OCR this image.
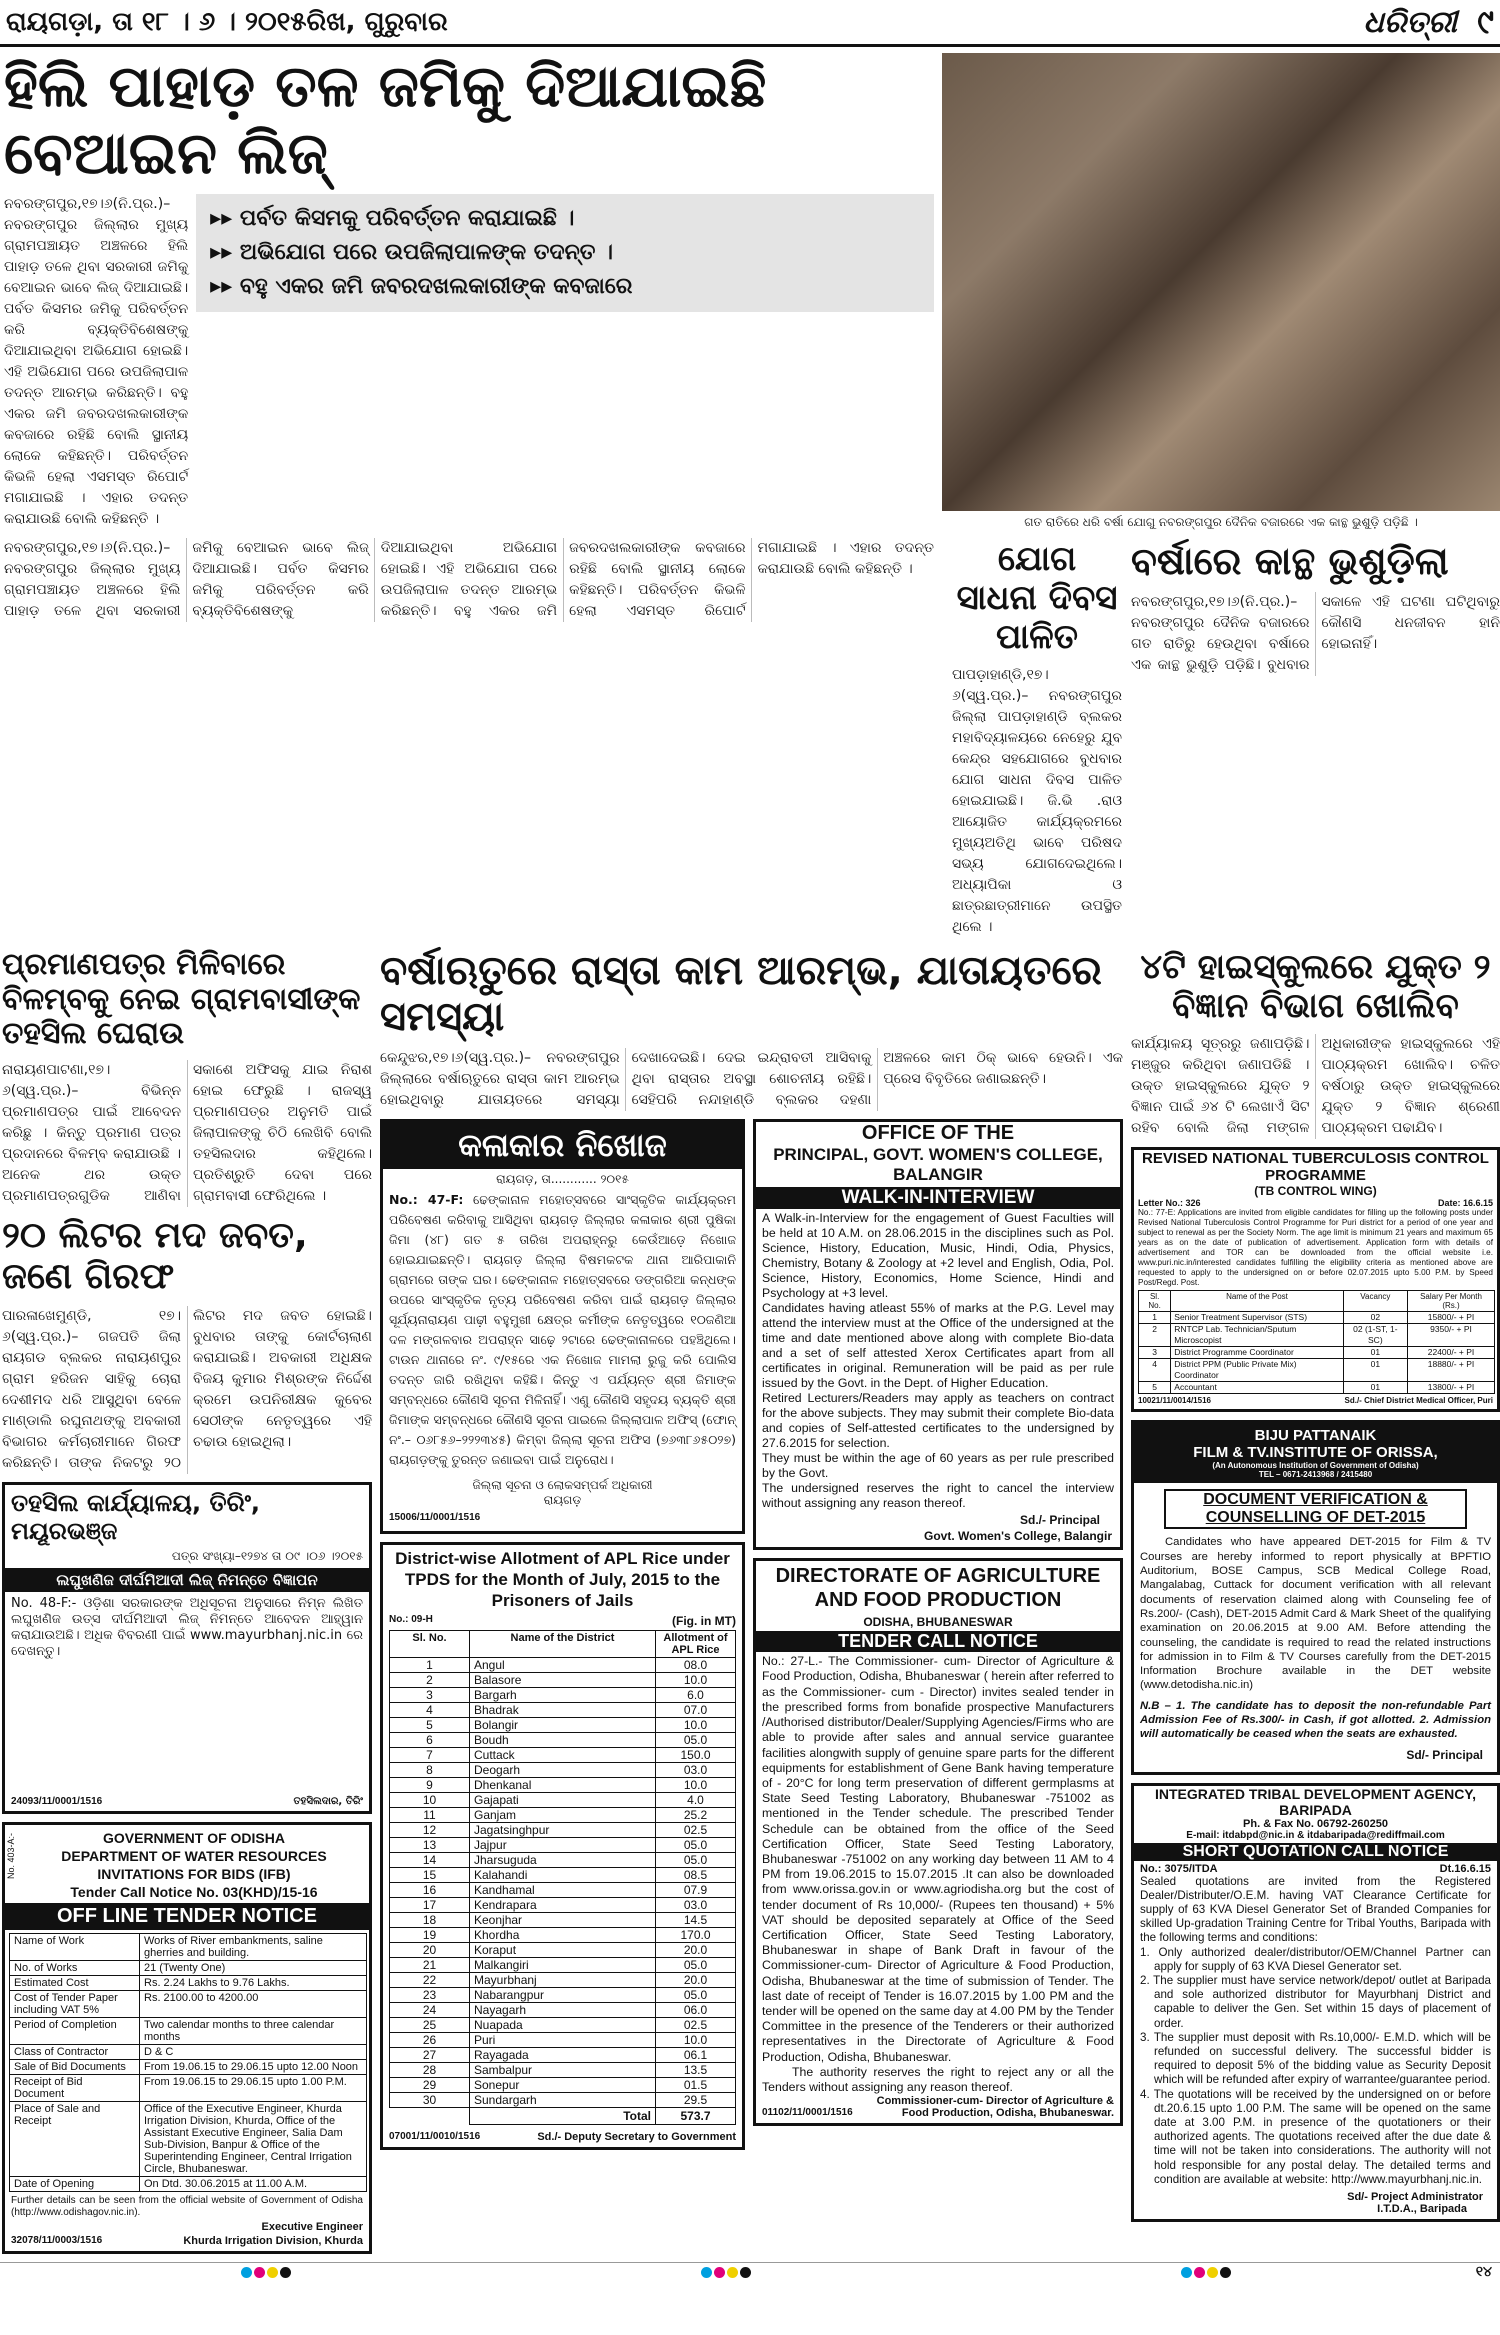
ରାୟଗଡ଼ା, ତା ୧୮ । ୬ । ୨୦୧୫ରିଖ, ଗୁରୁବାର	ଧରିତ୍ରୀ ୯
ହିଲି ପାହାଡ଼ ତଳ ଜମିକୁ ଦିଆଯାଇଛି ବେଆଇନ ଲିଜ୍
ନବରଙ୍ଗପୁର,୧୭।୬(ନି.ପ୍ର.)– ନବରଙ୍ଗପୁର ଜିଲ୍ଲାର ମୁଖ୍ୟ ଗ୍ରାମପଞ୍ଚାୟତ ଅଞ୍ଚଳରେ ହିଲି ପାହାଡ଼ ତଳେ ଥିବା ସରକାରୀ ଜମିକୁ ବେଆଇନ ଭାବେ ଲିଜ୍ ଦିଆଯାଇଛି। ପର୍ବତ କିସମର ଜମିକୁ ପରିବର୍ତ୍ତନ କରି ବ୍ୟକ୍ତିବିଶେଷଙ୍କୁ ଦିଆଯାଇଥିବା ଅଭିଯୋଗ ହୋଇଛି। ଏହି ଅଭିଯୋଗ ପରେ ଉପଜିଲାପାଳ ତଦନ୍ତ ଆରମ୍ଭ କରିଛନ୍ତି। ବହୁ ଏକର ଜମି ଜବରଦଖଲକାରୀଙ୍କ କବଜାରେ ରହିଛି ବୋଲି ସ୍ଥାନୀୟ ଲୋକେ କହିଛନ୍ତି। ପରିବର୍ତ୍ତନ କିଭଳି ହେଲା ଏସମସ୍ତ ରିପୋର୍ଟ ମଗାଯାଇଛି । ଏହାର ତଦନ୍ତ କରାଯାଉଛି ବୋଲି କହିଛନ୍ତି ।
▸▸ ପର୍ବତ କିସମକୁ ପରିବର୍ତ୍ତନ କରାଯାଇଛି ।
▸▸ ଅଭିଯୋଗ ପରେ ଉପଜିଲାପାଳଙ୍କ ତଦନ୍ତ ।
▸▸ ବହୁ ଏକର ଜମି ଜବରଦଖଲକାରୀଙ୍କ କବଜାରେ
ନବରଙ୍ଗପୁର,୧୭।୬(ନି.ପ୍ର.)– ନବରଙ୍ଗପୁର ଜିଲ୍ଲାର ମୁଖ୍ୟ ଗ୍ରାମପଞ୍ଚାୟତ ଅଞ୍ଚଳରେ ହିଲି ପାହାଡ଼ ତଳେ ଥିବା ସରକାରୀ ଜମିକୁ ବେଆଇନ ଭାବେ ଲିଜ୍ ଦିଆଯାଇଛି। ପର୍ବତ କିସମର ଜମିକୁ ପରିବର୍ତ୍ତନ କରି ବ୍ୟକ୍ତିବିଶେଷଙ୍କୁ ଦିଆଯାଇଥିବା ଅଭିଯୋଗ ହୋଇଛି। ଏହି ଅଭିଯୋଗ ପରେ ଉପଜିଲାପାଳ ତଦନ୍ତ ଆରମ୍ଭ କରିଛନ୍ତି। ବହୁ ଏକର ଜମି ଜବରଦଖଲକାରୀଙ୍କ କବଜାରେ ରହିଛି ବୋଲି ସ୍ଥାନୀୟ ଲୋକେ କହିଛନ୍ତି। ପରିବର୍ତ୍ତନ କିଭଳି ହେଲା ଏସମସ୍ତ ରିପୋର୍ଟ ମଗାଯାଇଛି । ଏହାର ତଦନ୍ତ କରାଯାଉଛି ବୋଲି କହିଛନ୍ତି ।
ଗତ ରାତିରେ ଧରି ବର୍ଷା ଯୋଗୁ ନବରଙ୍ଗପୁର ଦୈନିକ ବଜାରରେ ଏକ କାନ୍ଥ ଭୁଶୁଡ଼ି ପଡ଼ିଛି ।
ଯୋଗ ସାଧନା ଦିବସ ପାଳିତ
ପାପଡ଼ାହାଣ୍ଡି,୧୭।୬(ସ୍ୱ.ପ୍ର.)– ନବରଙ୍ଗପୁର ଜିଲ୍ଲା ପାପଡ଼ାହାଣ୍ଡି ବ୍ଲକର ମହାବିଦ୍ୟାଳୟରେ ନେହେରୁ ଯୁବ କେନ୍ଦ୍ର ସହଯୋଗରେ ବୁଧବାର ଯୋଗ ସାଧନା ଦିବସ ପାଳିତ ହୋଇଯାଇଛି। ଜି.ଭି .ରାଓ ଆୟୋଜିତ କାର୍ଯ୍ୟକ୍ରମରେ ମୁଖ୍ୟଅତିଥି ଭାବେ ପରିଷଦ ସଭ୍ୟ ଯୋଗଦେଇଥିଲେ। ଅଧ୍ୟାପିକା ଓ ଛାତ୍ରଛାତ୍ରୀମାନେ ଉପସ୍ଥିତ ଥିଲେ ।
ବର୍ଷାରେ କାନ୍ଥ ଭୁଶୁଡ଼ିଲା
ନବରଙ୍ଗପୁର,୧୭।୬(ନି.ପ୍ର.)– ନବରଙ୍ଗପୁର ଦୈନିକ ବଜାରରେ ଗତ ରାତିରୁ ହେଉଥିବା ବର୍ଷାରେ ଏକ କାନ୍ଥ ଭୁଶୁଡ଼ି ପଡ଼ିଛି। ବୁଧବାର ସକାଳେ ଏହି ଘଟଣା ଘଟିଥିବାରୁ କୌଣସି ଧନଜୀବନ ହାନି ହୋଇନାହିଁ।
ପ୍ରମାଣପତ୍ର ମିଳିବାରେ ବିଳମ୍ବକୁ ନେଇ ଗ୍ରାମବାସୀଙ୍କ ତହସିଲ ଘେରାଉ
ନାରାୟଣପାଟଣା,୧୭।୬(ସ୍ୱ.ପ୍ର.)– ବିଭିନ୍ନ ପ୍ରମାଣପତ୍ର ପାଇଁ ଆବେଦନ କରିଛୁ । କିନ୍ତୁ ପ୍ରମାଣ ପତ୍ର ପ୍ରଦାନରେ ବିଳମ୍ବ କରାଯାଉଛି । ଅନେକ ଥର ଉକ୍ତ ପ୍ରମାଣପତ୍ରଗୁଡିକ ଆଣିବା ସକାଶେ ଅଫିସକୁ ଯାଇ ନିରାଶ ହୋଇ ଫେରୁଛି । ରାଜସ୍ୱ ପ୍ରମାଣପତ୍ର ଅନୁମତି ପାଇଁ ଜିଲାପାଳଙ୍କୁ ଚିଠି ଲେଖିବି ବୋଲି ତହସିଲଦାର କହିଥିଲେ। ପ୍ରତିଶ୍ରୁତି ଦେବା ପରେ ଗ୍ରାମବାସୀ ଫେରିଥିଲେ ।
୨୦ ଲିଟର ମଦ ଜବତ, ଜଣେ ଗିରଫ
ପାରଳାଖେମୁଣ୍ଡି, ୧୭।୬(ସ୍ୱ.ପ୍ର.)– ଗଜପତି ଜିଲା ରାୟଗଡ ବ୍ଲକର ନାରାୟଣପୁର ଗ୍ରାମ ହରିଜନ ସାହିକୁ ଚୋରା ଦେଶୀମଦ ଧରି ଆସୁଥିବା ବେଳେ ମାଣ୍ଡାଲି ରଘୁନାଥଙ୍କୁ ଅବକାରୀ ବିଭାଗର କର୍ମଚାରୀମାନେ ଗିରଫ କରିଛନ୍ତି। ତାଙ୍କ ନିକଟରୁ ୨୦ ଲିଟର ମଦ ଜବତ ହୋଇଛି। ବୁଧବାର ତାଙ୍କୁ କୋର୍ଟଚାଲାଣ କରାଯାଇଛି। ଅବକାରୀ ଅଧିକ୍ଷକ ବିଜୟ କୁମାର ମିଶ୍ରଙ୍କ ନିର୍ଦ୍ଦେଶ କ୍ରମେ ଉପନିରୀକ୍ଷକ କୁବେର ସେଠୀଙ୍କ ନେତୃତ୍ୱରେ ଏହି ଚଢାଉ ହୋଇଥିଲା।
ତହସିଲ କାର୍ଯ୍ୟାଳୟ, ତିରିଂ, ମୟୂରଭଞ୍ଜ
ପତ୍ର ସଂଖ୍ୟା–୧୨୭୪ ତା ୦୯ ।୦୬ ।୨୦୧୫
ଲଘୁଖଣିଜ ଦୀର୍ଘମିଆଦୀ ଲିଜ୍ ନିମନ୍ତେ ବିଜ୍ଞାପନ

No. 48-F:- ଓଡ଼ିଶା ସରକାରଙ୍କ ଅଧିସୂଚନା ଅନୁସାରେ ନିମ୍ନ ଲିଖିତ ଲଘୁଖଣିଜ ଉତ୍ସ ଦୀର୍ଘମିଆଦୀ ଲିଜ୍ ନିମନ୍ତେ ଆବେଦନ ଆହ୍ୱାନ କରାଯାଉଅଛି। ଅଧିକ ବିବରଣୀ ପାଇଁ www.mayurbhanj.nic.in ରେ ଦେଖନ୍ତୁ।

24093/11/0001/1516	ତହସିଲଦାର, ତିରିଂ
No. 403-A:-	GOVERNMENT OF ODISHA
DEPARTMENT OF WATER RESOURCES
INVITATIONS FOR BIDS (IFB)
Tender Call Notice No. 03(KHD)/15-16
OFF LINE TENDER NOTICE
Name of Work	Works of River embankments, saline gherries and building.
No. of Works	21 (Twenty One)
Estimated Cost	Rs. 2.24 Lakhs to 9.76 Lakhs.
Cost of Tender Paper including VAT 5%	Rs. 2100.00 to 4200.00
Period of Completion	Two calendar months to three calendar months
Class of Contractor	D & C
Sale of Bid Documents	From 19.06.15 to 29.06.15 upto 12.00 Noon
Receipt of Bid Document	From 19.06.15 to 29.06.15 upto 1.00 P.M.
Place of Sale and Receipt	Office of the Executive Engineer, Khurda Irrigation Division, Khurda, Office of the Assistant Executive Engineer, Salia Dam Sub-Division, Banpur & Office of the Superintending Engineer, Central Irrigation Circle, Bhubaneswar.
Date of Opening	On Dtd. 30.06.2015 at 11.00 A.M.

Further details can be seen from the official website of Government of Odisha (http://www.odishagov.nic.in).

Executive Engineer
32078/11/0003/1516	Khurda Irrigation Division, Khurda
ବର୍ଷାଋତୁରେ ରାସ୍ତା କାମ ଆରମ୍ଭ, ଯାତାୟତରେ ସମସ୍ୟା
କେନ୍ଦୁଝର,୧୭।୬(ସ୍ୱ.ପ୍ର.)– ନବରଙ୍ଗପୁର ଜିଲ୍ଲାରେ ବର୍ଷାଋତୁରେ ରାସ୍ତା କାମ ଆରମ୍ଭ ହୋଇଥିବାରୁ ଯାତାୟତରେ ସମସ୍ୟା ଦେଖାଦେଇଛି। ଦେଇ ଇନ୍ଦ୍ରାବତୀ ଆସିବାକୁ ଥିବା ରାସ୍ତାର ଅବସ୍ଥା ଶୋଚନୀୟ ରହିଛି। ସେହିପରି ନନ୍ଦାହାଣ୍ଡି ବ୍ଲକର ଦହଣା ଅଞ୍ଚଳରେ କାମ ଠିକ୍ ଭାବେ ହେଉନି। ଏକ ପ୍ରେସ ବିବୃତିରେ ଜଣାଇଛନ୍ତି।
କଳାକାର ନିଖୋଜ
ରାୟଗଡ଼, ତା............ ୨୦୧୫

No.: 47-F: ଢେଙ୍କାନାଳ ମହୋତ୍ସବରେ ସାଂସ୍କୃତିକ କାର୍ଯ୍ୟକ୍ରମ ପରିବେଷଣ କରିବାକୁ ଆସିଥିବା ରାୟଗଡ଼ ଜିଲ୍ଲାର କଳାକାର ଶ୍ରୀ ପୁଷିକା ଜିମା (୪୮) ଗତ ୫ ତାରିଖ ଅପରାହ୍ନରୁ କେଉଁଆଡ଼େ ନିଖୋଜ ହୋଇଯାଇଛନ୍ତି। ରାୟଗଡ଼ ଜିଲ୍ଲା ବିଷମକଟକ ଥାନା ଆରିପାକାନି ଗ୍ରାମରେ ତାଙ୍କ ଘର। ଢେଙ୍କାନାଳ ମହୋତ୍ସବରେ ଡଙ୍ଗରିଆ କନ୍ଧଙ୍କ ଉପରେ ସାଂସ୍କୃତିକ ନୃତ୍ୟ ପରିବେଷଣ କରିବା ପାଇଁ ରାୟଗଡ଼ ଜିଲ୍ଲାର ସୂର୍ଯ୍ୟନାରାୟଣ ପାଢ଼ୀ ବହୁମୁଖୀ କ୍ଷେତ୍ର କର୍ମୀଙ୍କ ନେତୃତ୍ୱରେ ୧୦ଜଣିଆ ଦଳ ମଙ୍ଗଳବାର ଅପରାହ୍ନ ସାଢ଼େ ୨ଟାରେ ଢେଙ୍କାନାଳରେ ପହଞ୍ଚିଥିଲେ। ଟାଉନ ଥାନାରେ ନଂ. ୯/୧୫ରେ ଏକ ନିଖୋଜ ମାମଲା ରୁଜୁ କରି ପୋଲିସ ତଦନ୍ତ ଜାରି ରଖିଥିବା କହିଛି। କିନ୍ତୁ ଏ ପର୍ଯ୍ୟନ୍ତ ଶ୍ରୀ ଜିମାଙ୍କ ସମ୍ବନ୍ଧରେ କୌଣସି ସୂଚନା ମିଳିନାହିଁ। ଏଣୁ କୌଣସି ସହୃଦୟ ବ୍ୟକ୍ତି ଶ୍ରୀ ଜିମାଙ୍କ ସମ୍ବନ୍ଧରେ କୌଣସି ସୂଚନା ପାଇଲେ ଜିଲ୍ଲାପାଳ ଅଫିସ୍ (ଫୋନ୍ ନଂ.– ୦୬୮୫୬–୨୨୨୩୪୫) କିମ୍ବା ଜିଲ୍ଲା ସୂଚନା ଅଫିସ (୭୬୩୮୬୫୦୨୭) ରାୟଗଡ଼ଙ୍କୁ ତୁରନ୍ତ ଜଣାଇବା ପାଇଁ ଅନୁରୋଧ।

ଜିଲ୍ଲା ସୂଚନା ଓ ଲୋକସମ୍ପର୍କ ଅଧିକାରୀ
ରାୟଗଡ଼
15006/11/0001/1516
District-wise Allotment of APL Rice under TPDS for the Month of July, 2015 to the Prisoners of Jails
No.: 09-H	(Fig. in MT)
Sl. No.	Name of the District	Allotment of APL Rice
1	Angul	08.0
2	Balasore	10.0
3	Bargarh	6.0
4	Bhadrak	07.0
5	Bolangir	10.0
6	Boudh	05.0
7	Cuttack	150.0
8	Deogarh	03.0
9	Dhenkanal	10.0
10	Gajapati	4.0
11	Ganjam	25.2
12	Jagatsinghpur	02.5
13	Jajpur	05.0
14	Jharsuguda	05.0
15	Kalahandi	08.5
16	Kandhamal	07.9
17	Kendrapara	03.0
18	Keonjhar	14.5
19	Khordha	170.0
20	Koraput	20.0
21	Malkangiri	05.0
22	Mayurbhanj	20.0
23	Nabarangpur	05.0
24	Nayagarh	06.0
25	Nuapada	02.5
26	Puri	10.0
27	Rayagada	06.1
28	Sambalpur	13.5
29	Sonepur	01.5
30	Sundargarh	29.5
	Total	573.7
07001/11/0010/1516	Sd./- Deputy Secretary to Government
OFFICE OF THE
PRINCIPAL, GOVT. WOMEN'S COLLEGE, BALANGIR
WALK-IN-INTERVIEW

A Walk-in-Interview for the engagement of Guest Faculties will be held at 10 A.M. on 28.06.2015 in the disciplines such as Pol. Science, History, Education, Music, Hindi, Odia, Physics, Chemistry, Botany & Zoology at +2 level and English, Odia, Pol. Science, History, Economics, Home Science, Hindi and Psychology at +3 level.

Candidates having atleast 55% of marks at the P.G. Level may attend the interview must at the Office of the undersigned at the time and date mentioned above along with complete Bio-data and a set of self attested Xerox Certificates apart from all certificates in original. Remuneration will be paid as per rule issued by the Govt. in the Dept. of Higher Education.

Retired Lecturers/Readers may apply as teachers on contract for the above subjects. They may submit their complete Bio-data and copies of Self-attested certificates to the undersigned by 27.6.2015 for selection.

They must be within the age of 60 years as per rule prescribed by the Govt.

The undersigned reserves the right to cancel the interview without assigning any reason thereof.

Sd./- Principal
Govt. Women's College, Balangir
DIRECTORATE OF AGRICULTURE AND FOOD PRODUCTION
ODISHA, BHUBANESWAR
TENDER CALL NOTICE

No.: 27-L.- The Commissioner- cum- Director of Agriculture & Food Production, Odisha, Bhubaneswar ( herein after referred to as the Commissioner- cum - Director) invites sealed tender in the prescribed forms from bonafide prospective Manufacturers /Authorised distributor/Dealer/Supplying Agencies/Firms who are able to provide after sales and annual service guarantee facilities alongwith supply of genuine spare parts for the different equipments for establishment of Gene Bank having temperature of - 20°C for long term preservation of different germplasms at State Seed Testing Laboratory, Bhubaneswar -751002 as mentioned in the Tender schedule. The prescribed Tender Schedule can be obtained from the office of the Seed Certification Officer, State Seed Testing Laboratory, Bhubaneswar -751002 on any working day between 11 AM to 4 PM from 19.06.2015 to 15.07.2015 .It can also be downloaded from www.orissa.gov.in or www.agriodisha.org but the cost of tender document of Rs 10,000/- (Rupees ten thousand) + 5% VAT should be deposited separately at Office of the Seed Certification Officer, State Seed Testing Laboratory, Bhubaneswar in shape of Bank Draft in favour of the Commissioner-cum- Director of Agriculture & Food Production, Odisha, Bhubaneswar at the time of submission of Tender. The last date of receipt of Tender is 16.07.2015 by 1.00 PM and the tender will be opened on the same day at 4.00 PM by the Tender Committee in the presence of the Tenderers or their authorized representatives in the Directorate of Agriculture & Food Production, Odisha, Bhubaneswar.

The authority reserves the right to reject any or all the Tenders without assigning any reason thereof.

Commissioner-cum- Director of Agriculture &
01102/11/0001/1516	Food Production, Odisha, Bhubaneswar.
୪ଟି ହାଇସ୍କୁଲରେ ଯୁକ୍ତ ୨ ବିଜ୍ଞାନ ବିଭାଗ ଖୋଲିବ
କାର୍ଯ୍ୟାଳୟ ସୂତ୍ରରୁ ଜଣାପଡ଼ିଛି। ମଞ୍ଜୁର କରିଥିବା ଜଣାପଡିଛି । ଉକ୍ତ ହାଇସ୍କୁଲରେ ଯୁକ୍ତ ୨ ବିଜ୍ଞାନ ପାଇଁ ୬୪ ଟି ଲେଖାଏଁ ସିଟ ରହିବ ବୋଲି ଜିଲା ମଙ୍ଗଳ ଅଧିକାରୀଙ୍କ ହାଇସ୍କୁଲରେ ଏହି ପାଠ୍ୟକ୍ରମ ଖୋଲିବ। ଚଳିତ ବର୍ଷଠାରୁ ଉକ୍ତ ହାଇସ୍କୁଲରେ ଯୁକ୍ତ ୨ ବିଜ୍ଞାନ ଶ୍ରେଣୀ ପାଠ୍ୟକ୍ରମ ପଢାଯିବ।
REVISED NATIONAL TUBERCULOSIS CONTROL PROGRAMME
(TB CONTROL WING)
Letter No.: 326	Date: 16.6.15

No.: 77-E: Applications are invited from eligible candidates for filling up the following posts under Revised National Tuberculosis Control Programme for Puri district for a period of one year and subject to renewal as per the Society Norm. The age limit is minimum 21 years and maximum 65 years as on the date of publication of advertisement. Application form with details of advertisement and TOR can be downloaded from the official website i.e. www.puri.nic.in/interested candidates fulfilling the eligibility criteria as mentioned above are requested to apply to the undersigned on or before 02.07.2015 upto 5.00 P.M. by Speed Post/Regd. Post.

Sl. No.	Name of the Post	Vacancy	Salary Per Month (Rs.)
1	Senior Treatment Supervisor (STS)	02	15800/- + PI
2	RNTCP Lab. Technician/Sputum Microscopist	02 (1-ST, 1-SC)	9350/- + PI
3	District Programme Coordinator	01	22400/- + PI
4	District PPM (Public Private Mix) Coordinator	01	18880/- + PI
5	Accountant	01	13800/- + PI
10021/11/0014/1516	Sd./- Chief District Medical Officer, Puri
BIJU PATTANAIK
FILM & TV.INSTITUTE OF ORISSA,
(An Autonomous Institution of Government of Odisha)
TEL – 0671-2413968 / 2415480
DOCUMENT VERIFICATION & COUNSELLING OF DET-2015

Candidates who have appeared DET-2015 for Film & TV Courses are hereby informed to report physically at BPFTIO Auditorium, BOSE Campus, SCB Medical College Road, Mangalabag, Cuttack for document verification with all relevant documents of reservation claimed along with Counseling fee of Rs.200/- (Cash), DET-2015 Admit Card & Mark Sheet of the qualifying examination on 20.06.2015 at 9.00 AM. Before attending the counseling, the candidate is required to read the related instructions for admission in to Film & TV Courses carefully from the DET-2015 Information Brochure available in the DET website (www.detodisha.nic.in)

N.B – 1. The candidate has to deposit the non-refundable Part Admission Fee of Rs.300/- in Cash, if got allotted. 2. Admission will automatically be ceased when the seats are exhausted.

Sd/- Principal
INTEGRATED TRIBAL DEVELOPMENT AGENCY, BARIPADA
Ph. & Fax No. 06792-260250
E-mail: itdabpd@nic.in & itdabaripada@rediffmail.com
SHORT QUOTATION CALL NOTICE
No.: 3075/ITDA	Dt.16.6.15

Sealed quotations are invited from the Registered Dealer/Distributer/O.E.M. having VAT Clearance Certificate for supply of 63 KVA Diesel Generator Set of Branded Companies for skilled Up-gradation Training Centre for Tribal Youths, Baripada with the following terms and conditions:

1. Only authorized dealer/distributor/OEM/Channel Partner can apply for supply of 63 KVA Diesel Generator set.

2. The supplier must have service network/depot/ outlet at Baripada and sole authorized distributor for Mayurbhanj District and capable to deliver the Gen. Set within 15 days of placement of order.

3. The supplier must deposit with Rs.10,000/- E.M.D. which will be refunded on successful delivery. The successful bidder is required to deposit 5% of the bidding value as Security Deposit which will be refunded after expiry of warrantee/guarantee period.

4. The quotations will be received by the undersigned on or before dt.20.6.15 upto 1.00 P.M. The same will be opened on the same date at 3.00 P.M. in presence of the quotationers or their authorized agents. The quotations received after the due date & time will not be taken into considerations. The authority will not hold responsible for any postal delay. The detailed terms and condition are available at website: http://www.mayurbhanj.nic.in.

Sd/- Project Administrator
I.T.D.A., Baripada
୧୪
